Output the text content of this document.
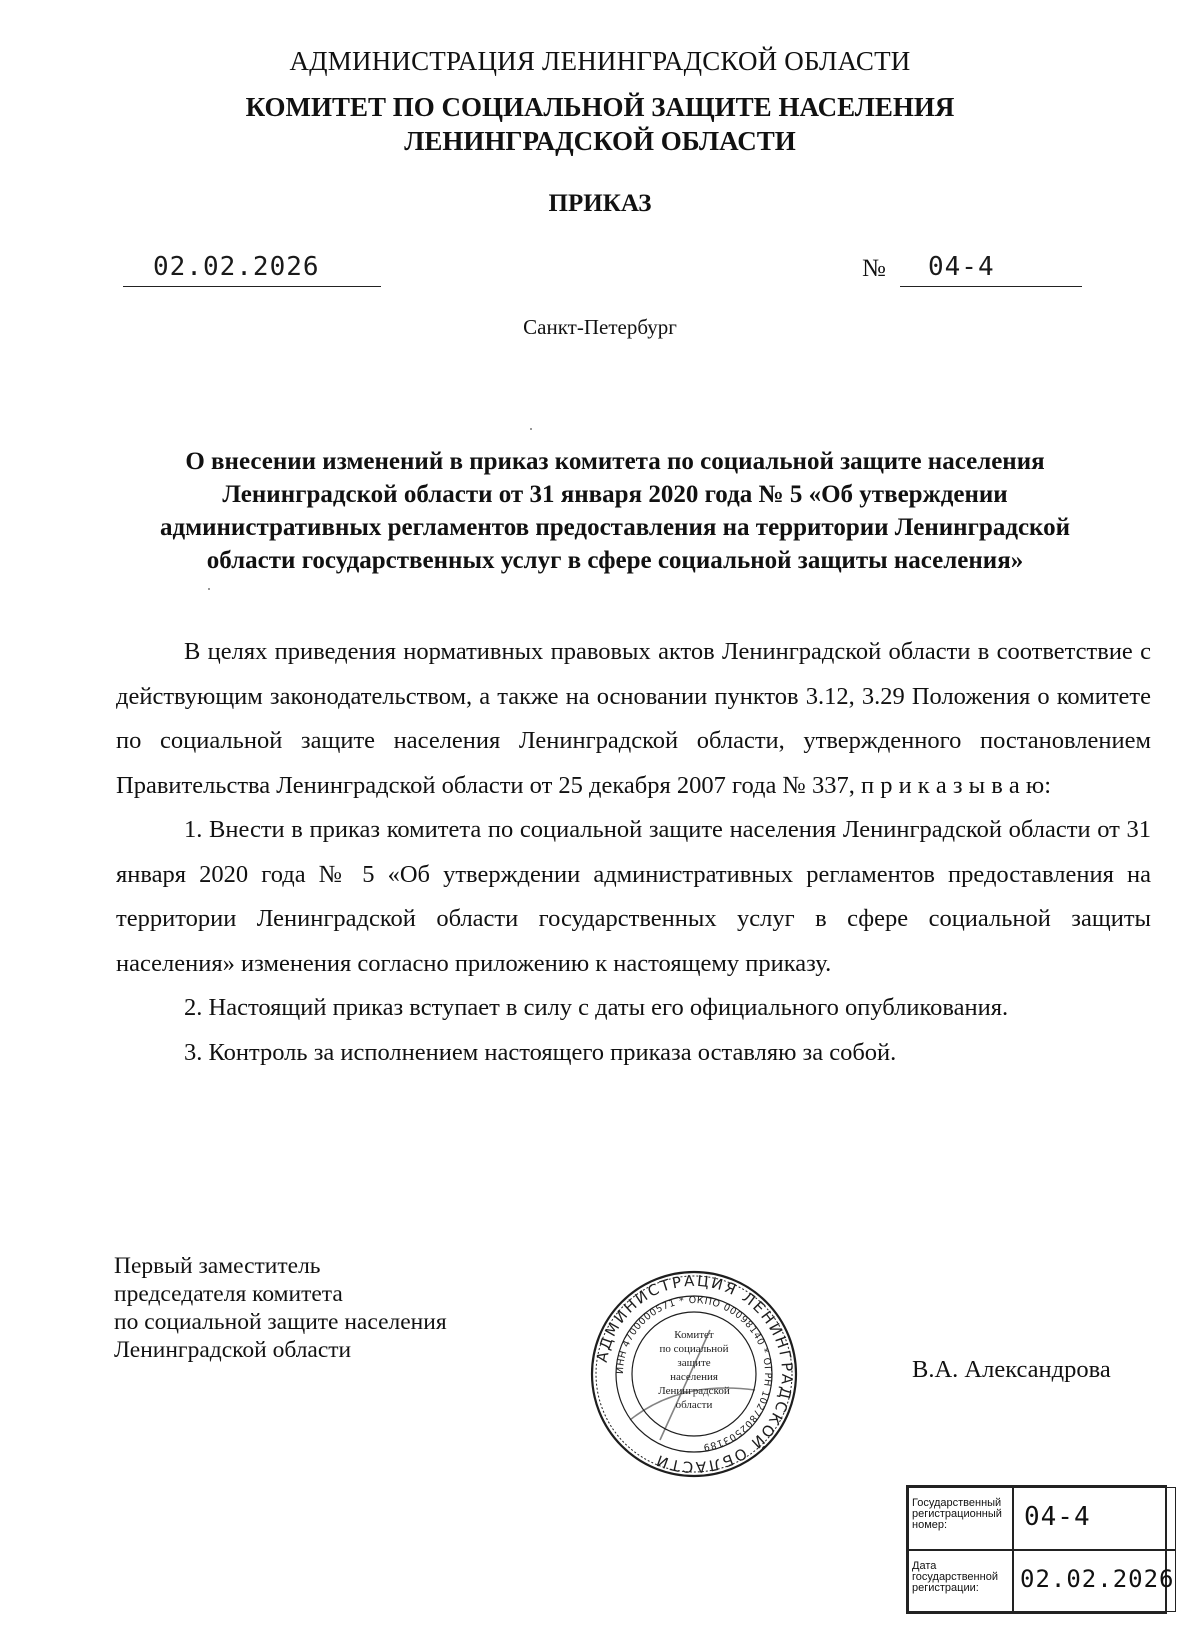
АДМИНИСТРАЦИЯ ЛЕНИНГРАДСКОЙ ОБЛАСТИ
КОМИТЕТ ПО СОЦИАЛЬНОЙ ЗАЩИТЕ НАСЕЛЕНИЯ
ЛЕНИНГРАДСКОЙ ОБЛАСТИ
ПРИКАЗ
02.02.2026	№ 04-4
Санкт-Петербург
О внесении изменений в приказ комитета по социальной защите населения Ленинградской области от 31 января 2020 года № 5 «Об утверждении административных регламентов предоставления на территории Ленинградской области государственных услуг в сфере социальной защиты населения»

В целях приведения нормативных правовых актов Ленинградской области в соответствие с действующим законодательством, а также на основании пунктов 3.12, 3.29 Положения о комитете по социальной защите населения Ленинградской области, утвержденного постановлением Правительства Ленинградской области от 25 декабря 2007 года № 337, п р и к а з ы в а ю:

1. Внести в приказ комитета по социальной защите населения Ленинградской области от 31 января 2020 года № 5 «Об утверждении административных регламентов предоставления на территории Ленинградской области государственных услуг в сфере социальной защиты населения» изменения согласно приложению к настоящему приказу.

2. Настоящий приказ вступает в силу с даты его официального опубликования.

3. Контроль за исполнением настоящего приказа оставляю за собой.

Первый заместитель
председателя комитета
по социальной защите населения
Ленинградской области	АДМИНИСТРАЦИЯ ЛЕНИНГРАДСКОЙ ОБЛАСТИ
ИНН 4700000571 * ОКПО 00098140 * ОГРН 1027802503189
Комитет
по социальной
защите
населения
Ленинградской
области
В.А. Александрова
Государственный регистрационный номер:	04-4
Дата государственной регистрации:	02.02.2026
